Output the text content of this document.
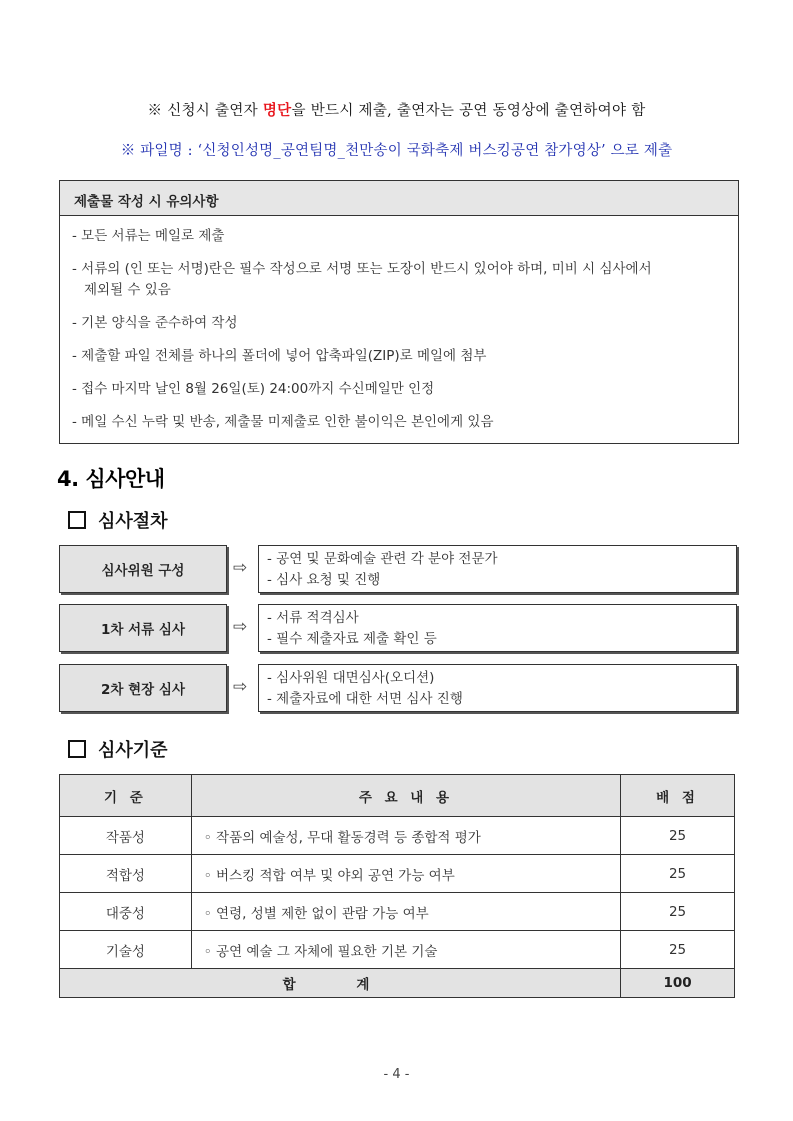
※ 신청시 출연자 명단을 반드시 제출, 출연자는 공연 동영상에 출연하여야 함
※ 파일명 : ‘신청인성명_공연팀명_천만송이 국화축제 버스킹공연 참가영상’ 으로 제출
제출물 작성 시 유의사항
- 모든 서류는 메일로 제출
- 서류의 (인 또는 서명)란은 필수 작성으로 서명 또는 도장이 반드시 있어야 하며, 미비 시 심사에서
제외될 수 있음
- 기본 양식을 준수하여 작성
- 제출할 파일 전체를 하나의 폴더에 넣어 압축파일(ZIP)로 메일에 첨부
- 접수 마지막 날인 8월 26일(토) 24:00까지 수신메일만 인정
- 메일 수신 누락 및 반송, 제출물 미제출로 인한 불이익은 본인에게 있음
4. 심사안내
심사절차
심사위원 구성	⇨ - 공연 및 문화예술 관련 각 분야 전문가
- 심사 요청 및 진행
1차 서류 심사	⇨ - 서류 적격심사
- 필수 제출자료 제출 확인 등
2차 현장 심사	⇨ - 심사위원 대면심사(오디션)
- 제출자료에 대한 서면 심사 진행
심사기준
기 준	주 요 내 용	배 점
작품성	◦ 작품의 예술성, 무대 활동경력 등 종합적 평가	25
적합성	◦ 버스킹 적합 여부 및 야외 공연 가능 여부	25
대중성	◦ 연령, 성별 제한 없이 관람 가능 여부	25
기술성	◦ 공연 예술 그 자체에 필요한 기본 기술	25
합 계		100
- 4 -
